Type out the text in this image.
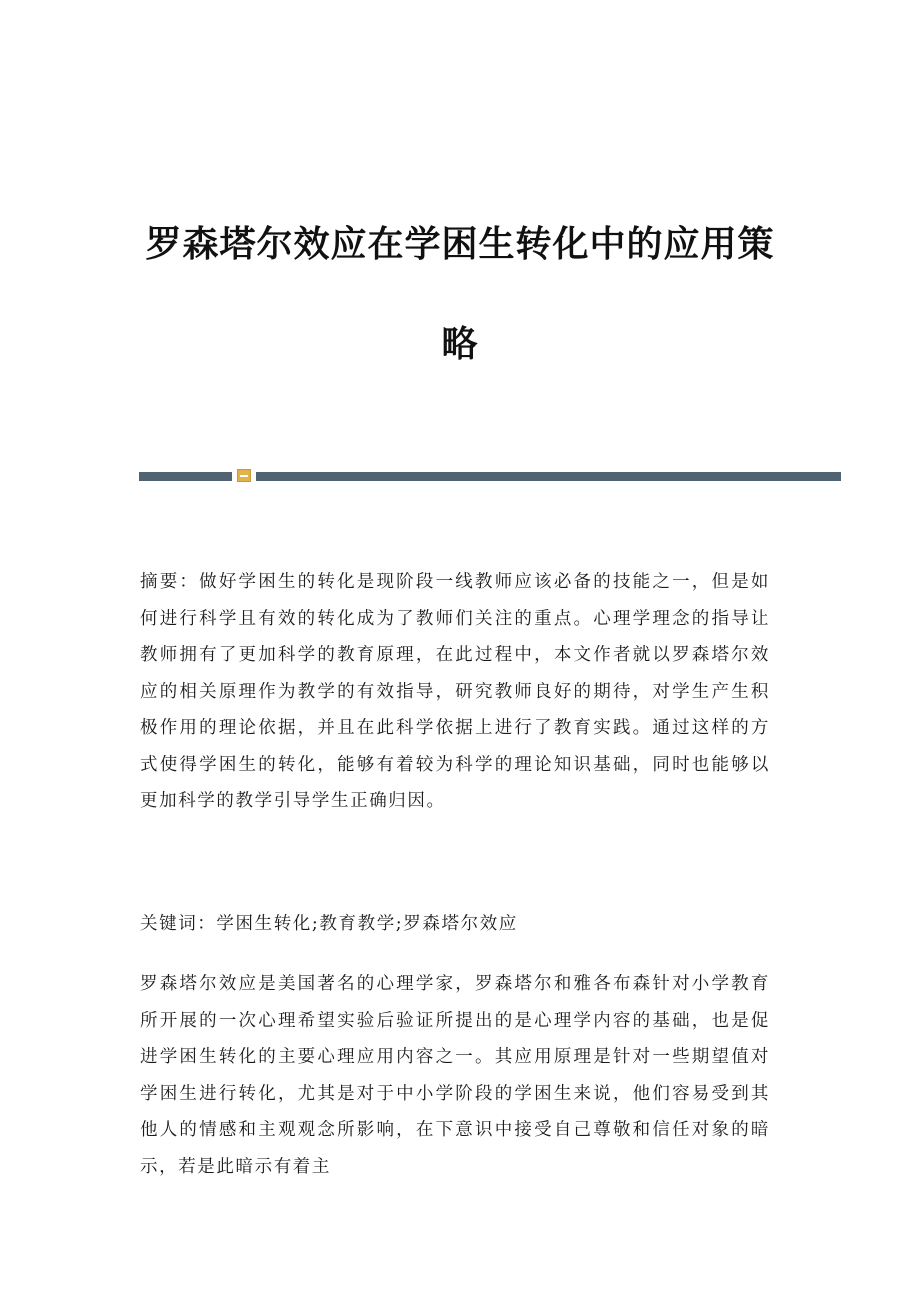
罗森塔尔效应在学困生转化中的应用策
略

摘要：做好学困生的转化是现阶段一线教师应该必备的技能之一，但是如何进行科学且有效的转化成为了教师们关注的重点。心理学理念的指导让教师拥有了更加科学的教育原理，在此过程中，本文作者就以罗森塔尔效应的相关原理作为教学的有效指导，研究教师良好的期待，对学生产生积极作用的理论依据，并且在此科学依据上进行了教育实践。通过这样的方式使得学困生的转化，能够有着较为科学的理论知识基础，同时也能够以更加科学的教学引导学生正确归因。

关键词：学困生转化;教育教学;罗森塔尔效应

罗森塔尔效应是美国著名的心理学家，罗森塔尔和雅各布森针对小学教育所开展的一次心理希望实验后验证所提出的是心理学内容的基础，也是促进学困生转化的主要心理应用内容之一。其应用原理是针对一些期望值对学困生进行转化，尤其是对于中小学阶段的学困生来说，他们容易受到其他人的情感和主观观念所影响，在下意识中接受自己尊敬和信任对象的暗示，若是此暗示有着主
